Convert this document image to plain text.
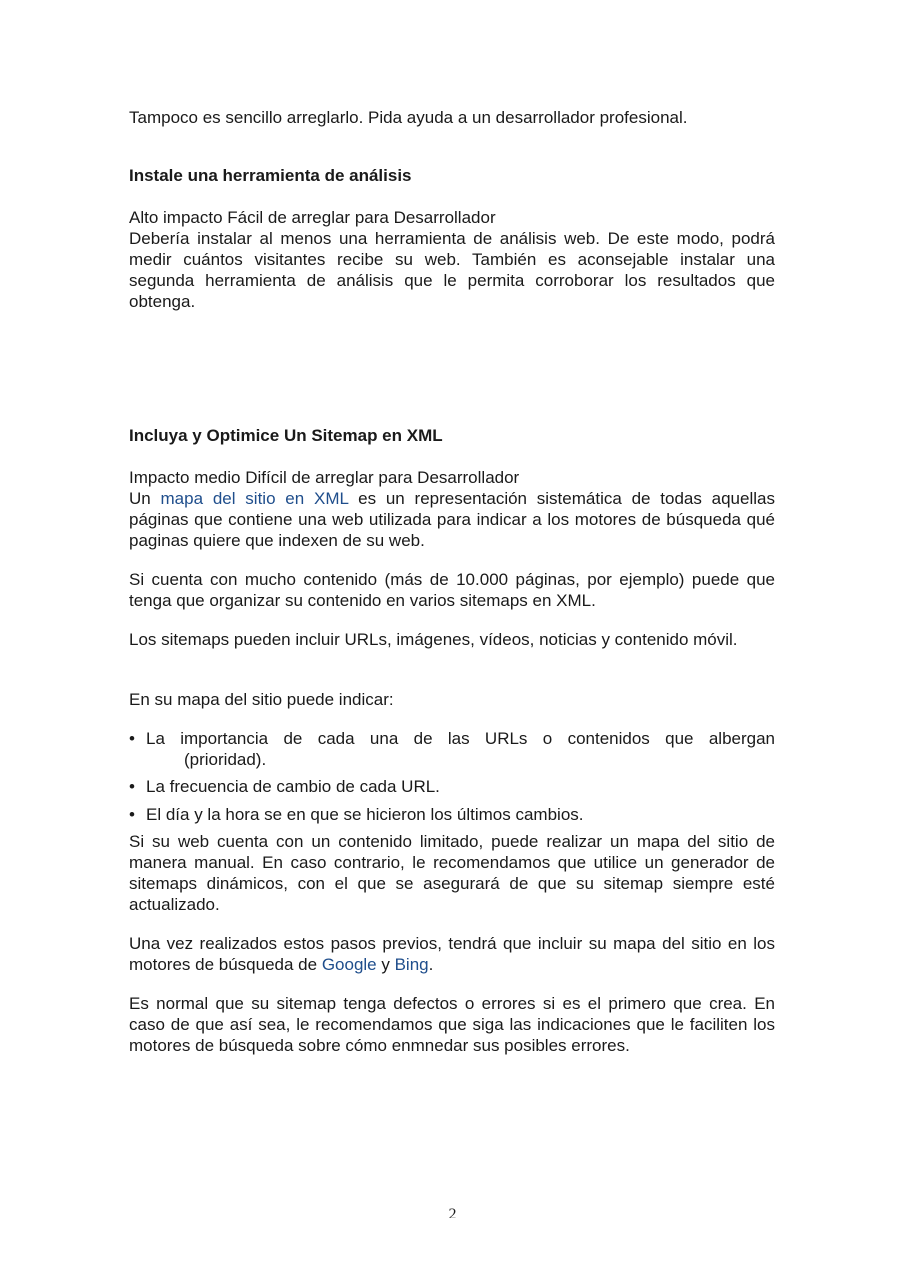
Tampoco es sencillo arreglarlo. Pida ayuda a un desarrollador profesional.

Instale una herramienta de análisis

Alto impacto Fácil de arreglar para Desarrollador

Debería instalar al menos una herramienta de análisis web. De este modo, podrá medir cuántos visitantes recibe su web. También es aconsejable instalar una segunda herramienta de análisis que le permita corroborar los resultados que obtenga.

Incluya y Optimice Un Sitemap en XML

Impacto medio Difícil de arreglar para Desarrollador

Un mapa del sitio en XML es un representación sistemática de todas aquellas páginas que contiene una web utilizada para indicar a los motores de búsqueda qué paginas quiere que indexen de su web.

Si cuenta con mucho contenido (más de 10.000 páginas, por ejemplo) puede que tenga que organizar su contenido en varios sitemaps en XML.

Los sitemaps pueden incluir URLs, imágenes, vídeos, noticias y contenido móvil.

En su mapa del sitio puede indicar:

• La importancia de cada una de las URLs o contenidos que albergan
(prioridad).
• La frecuencia de cambio de cada URL.
• El día y la hora se en que se hicieron los últimos cambios.

Si su web cuenta con un contenido limitado, puede realizar un mapa del sitio de manera manual. En caso contrario, le recomendamos que utilice un generador de sitemaps dinámicos, con el que se asegurará de que su sitemap siempre esté actualizado.

Una vez realizados estos pasos previos, tendrá que incluir su mapa del sitio en los motores de búsqueda de Google y Bing.

Es normal que su sitemap tenga defectos o errores si es el primero que crea. En caso de que así sea, le recomendamos que siga las indicaciones que le faciliten los motores de búsqueda sobre cómo enmnedar sus posibles errores.

2
